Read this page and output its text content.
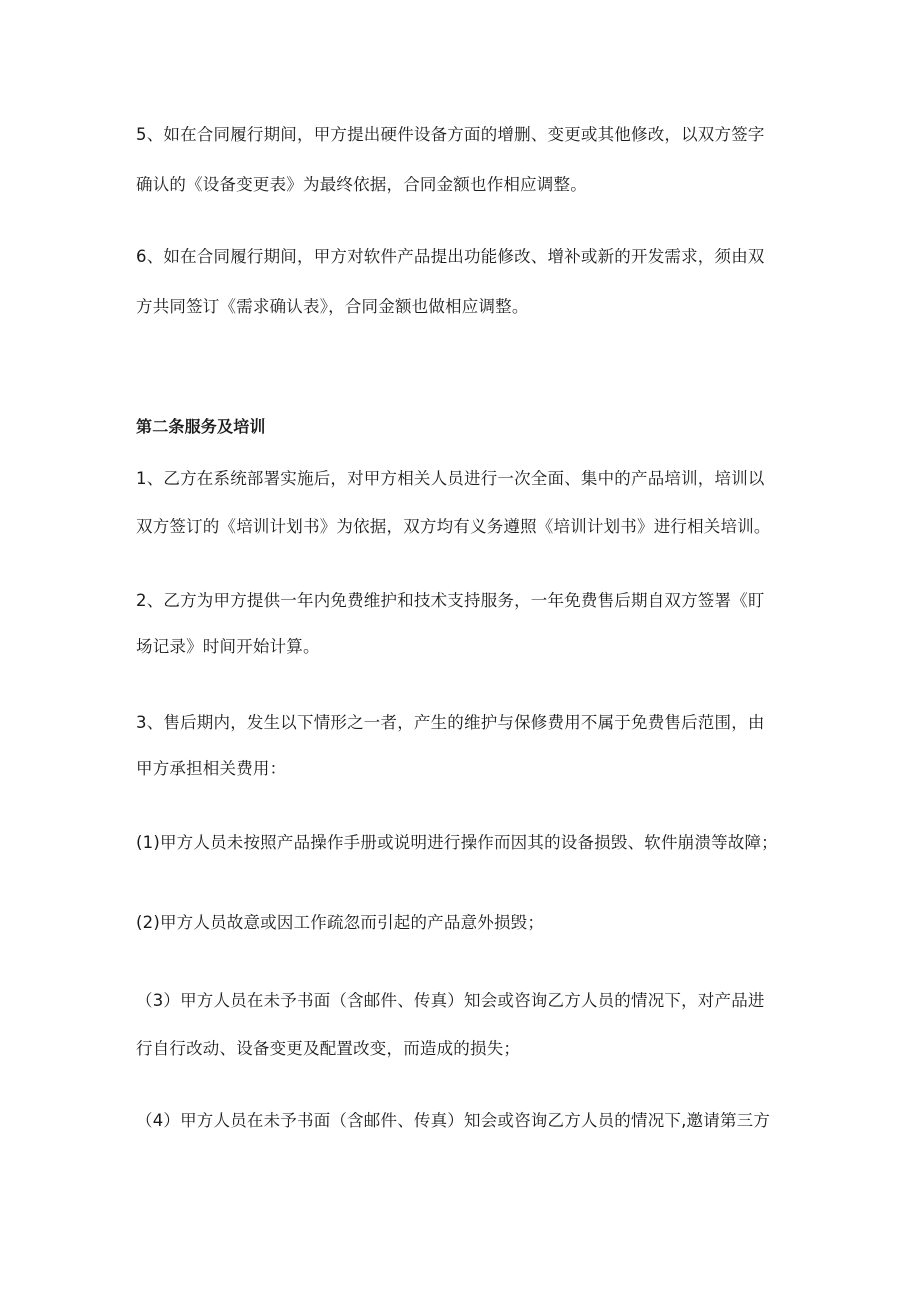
5、如在合同履行期间，甲方提出硬件设备方面的增删、变更或其他修改，以双方签字
确认的《设备变更表》为最终依据，合同金额也作相应调整。
6、如在合同履行期间，甲方对软件产品提出功能修改、增补或新的开发需求，须由双
方共同签订《需求确认表》，合同金额也做相应调整。
第二条服务及培训
1、乙方在系统部署实施后，对甲方相关人员进行一次全面、集中的产品培训，培训以
双方签订的《培训计划书》为依据，双方均有义务遵照《培训计划书》进行相关培训。
2、乙方为甲方提供一年内免费维护和技术支持服务，一年免费售后期自双方签署《盯
场记录》时间开始计算。
3、售后期内，发生以下情形之一者，产生的维护与保修费用不属于免费售后范围，由
甲方承担相关费用：
(1)甲方人员未按照产品操作手册或说明进行操作而因其的设备损毁、软件崩溃等故障；
(2)甲方人员故意或因工作疏忽而引起的产品意外损毁；
（3）甲方人员在未予书面（含邮件、传真）知会或咨询乙方人员的情况下，对产品进
行自行改动、设备变更及配置改变，而造成的损失；
（4）甲方人员在未予书面（含邮件、传真）知会或咨询乙方人员的情况下,邀请第三方
